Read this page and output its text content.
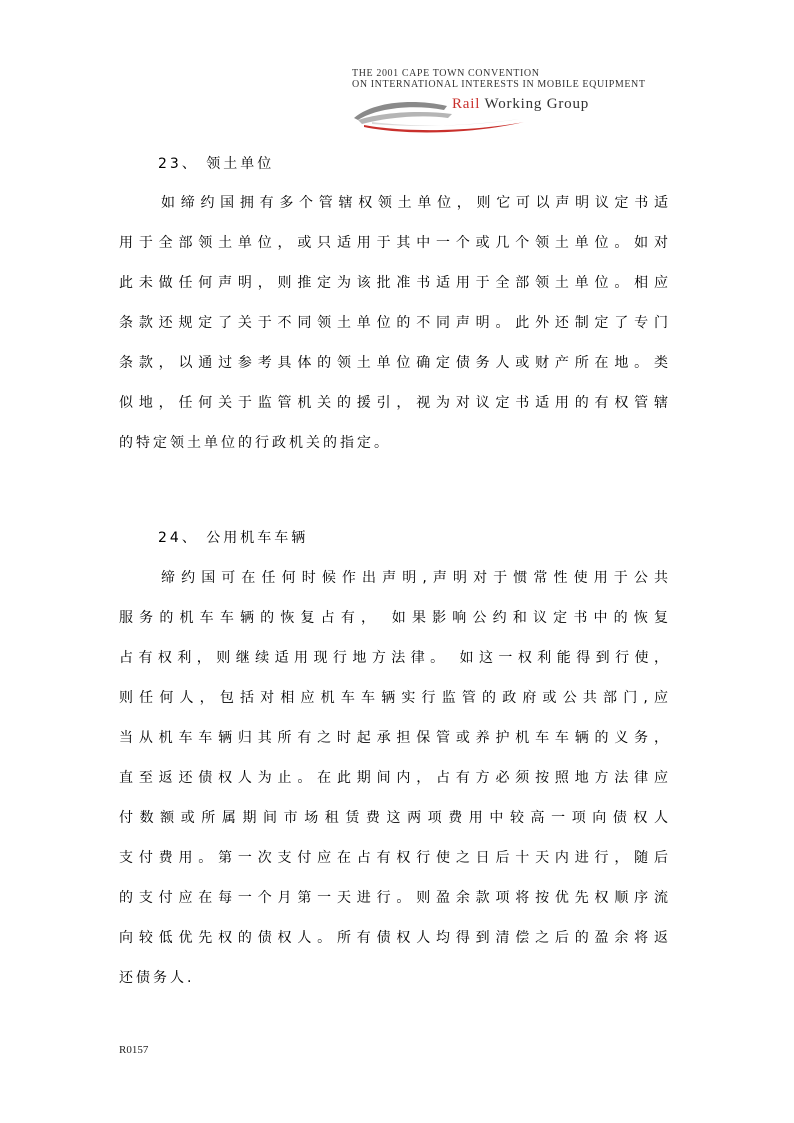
THE 2001 CAPE TOWN CONVENTION
ON INTERNATIONAL INTERESTS IN MOBILE EQUIPMENT
Rail Working Group
23、 领土单位
如缔约国拥有多个管辖权领土单位，则它可以声明议定书适
用于全部领土单位，或只适用于其中一个或几个领土单位。如对
此未做任何声明，则推定为该批准书适用于全部领土单位。相应
条款还规定了关于不同领土单位的不同声明。此外还制定了专门
条款，以通过参考具体的领土单位确定债务人或财产所在地。类
似地，任何关于监管机关的援引，视为对议定书适用的有权管辖
的特定领土单位的行政机关的指定。
24、 公用机车车辆
缔约国可在任何时候作出声明,声明对于惯常性使用于公共
服务的机车车辆的恢复占有， 如果影响公约和议定书中的恢复
占有权利，则继续适用现行地方法律。 如这一权利能得到行使，
则任何人，包括对相应机车车辆实行监管的政府或公共部门,应
当从机车车辆归其所有之时起承担保管或养护机车车辆的义务，
直至返还债权人为止。在此期间内，占有方必须按照地方法律应
付数额或所属期间市场租赁费这两项费用中较高一项向债权人
支付费用。第一次支付应在占有权行使之日后十天内进行，随后
的支付应在每一个月第一天进行。则盈余款项将按优先权顺序流
向较低优先权的债权人。所有债权人均得到清偿之后的盈余将返
还债务人.
R0157
